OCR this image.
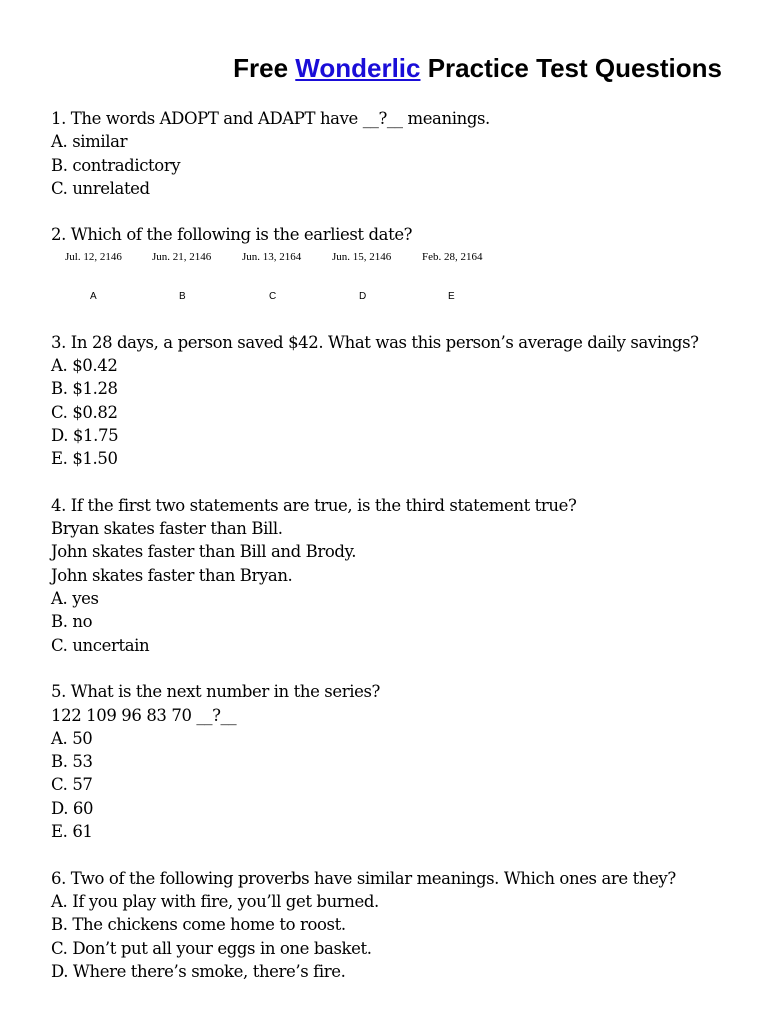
Free Wonderlic Practice Test Questions
1. The words ADOPT and ADAPT have __?__ meanings.
A. similar
B. contradictory
C. unrelated
2. Which of the following is the earliest date?
Jul. 12, 2146	Jun. 21, 2146	Jun. 13, 2164	Jun. 15, 2146	Feb. 28, 2164
A	B	C	D	E
3. In 28 days, a person saved $42. What was this person’s average daily savings?
A. $0.42
B. $1.28
C. $0.82
D. $1.75
E. $1.50
4. If the first two statements are true, is the third statement true?
Bryan skates faster than Bill.
John skates faster than Bill and Brody.
John skates faster than Bryan.
A. yes
B. no
C. uncertain
5. What is the next number in the series?
122 109 96 83 70 __?__
A. 50
B. 53
C. 57
D. 60
E. 61
6. Two of the following proverbs have similar meanings. Which ones are they?
A. If you play with fire, you’ll get burned.
B. The chickens come home to roost.
C. Don’t put all your eggs in one basket.
D. Where there’s smoke, there’s fire.
